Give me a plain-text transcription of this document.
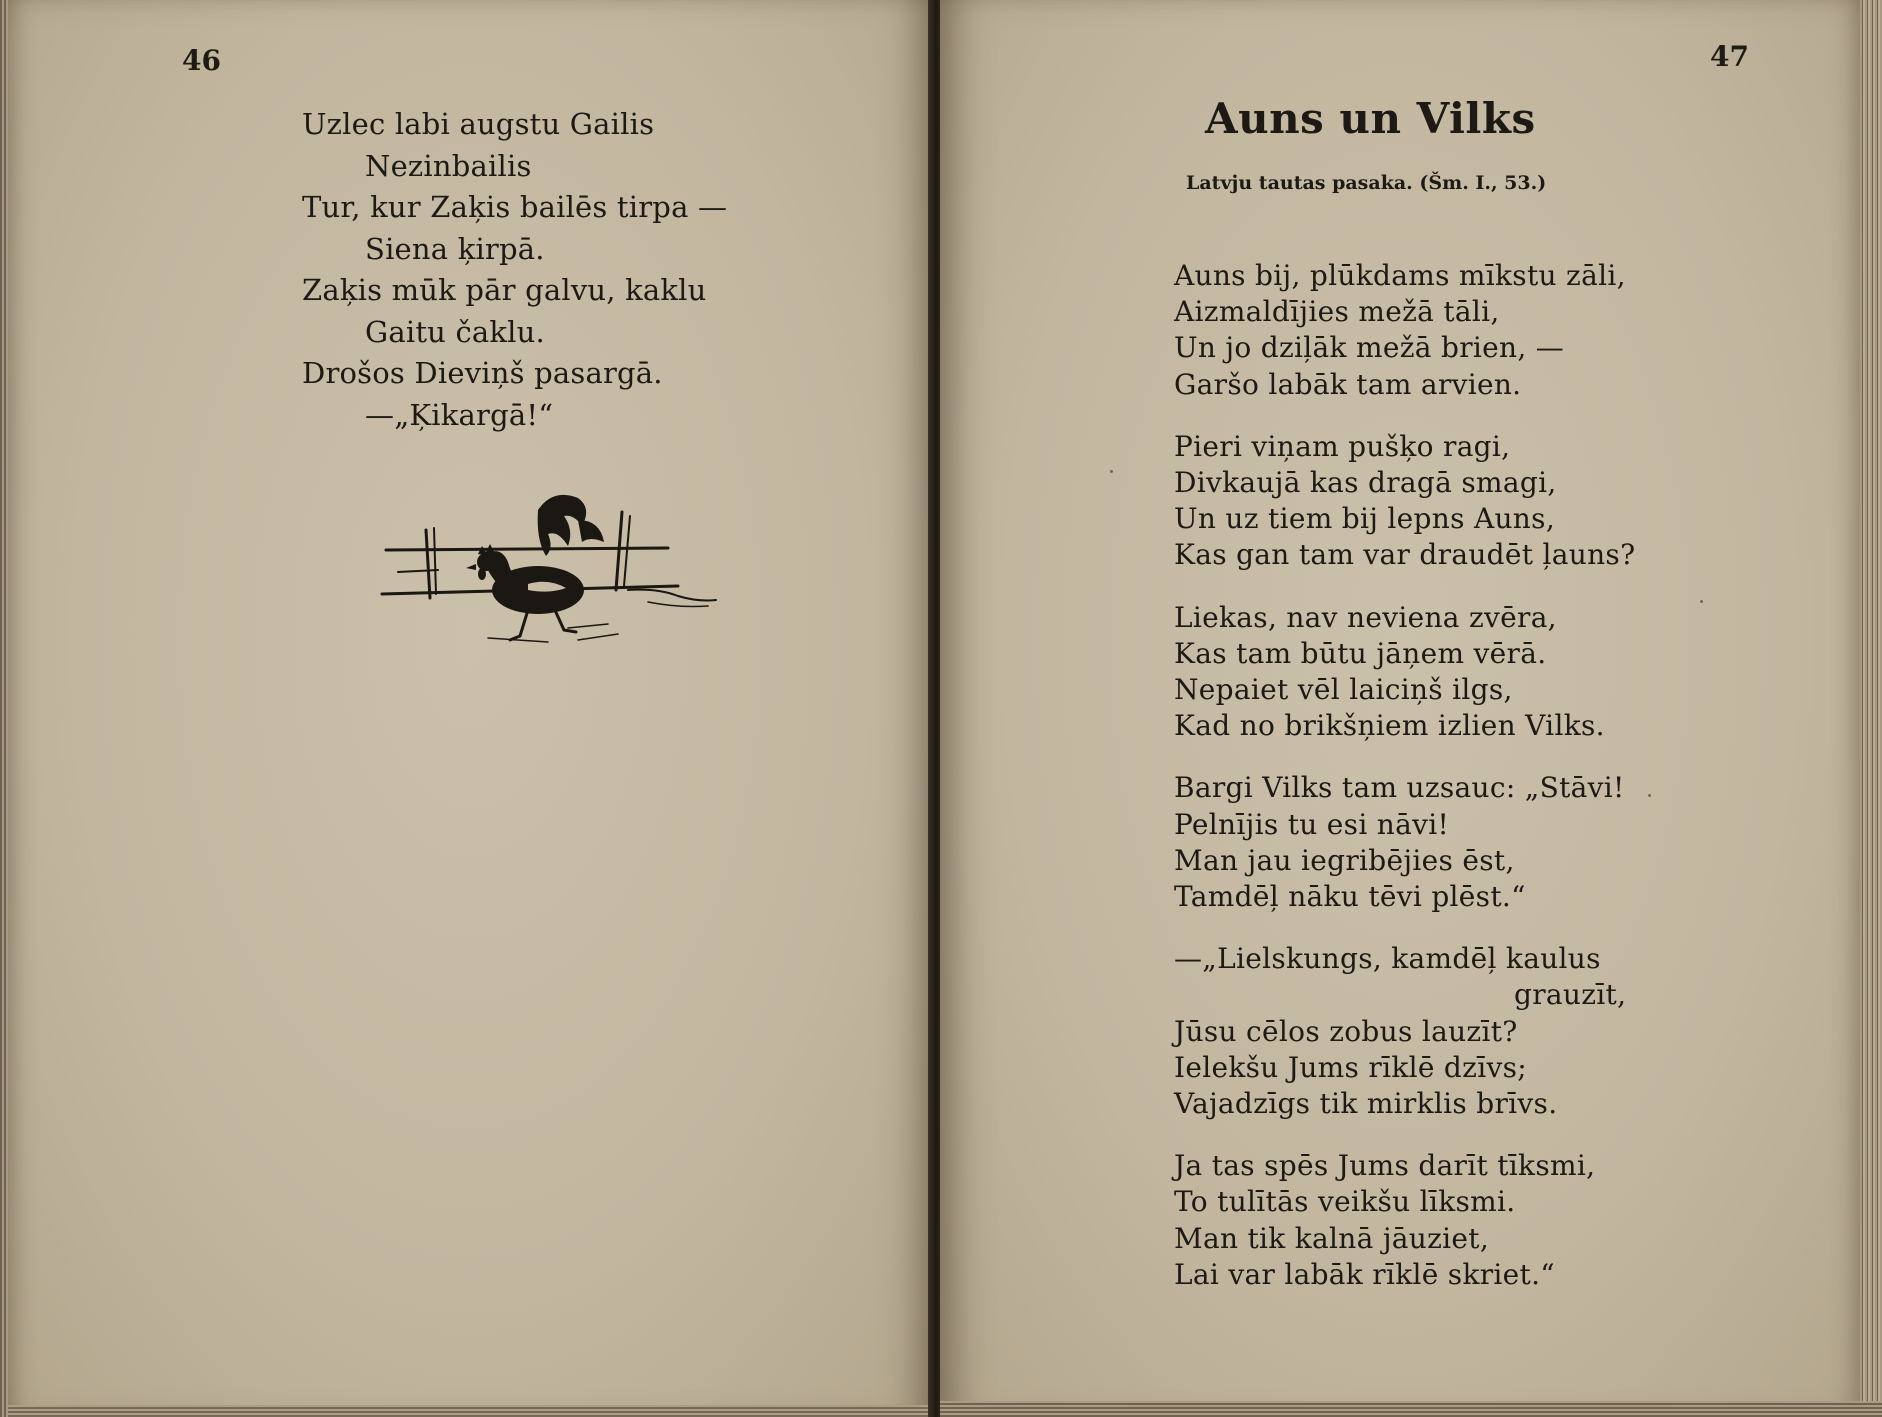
46
Uzlec labi augstu Gailis
Nezinbailis
Tur, kur Zaķis bailēs tirpa —
Siena ķirpā.
Zaķis mūk pār galvu, kaklu
Gaitu čaklu.
Drošos Dieviņš pasargā.
—„Ķikargā!“
47
Auns un Vilks
Latvju tautas pasaka. (Šm. I., 53.)
Auns bij, plūkdams mīkstu zāli,
Aizmaldījies mežā tāli,
Un jo dziļāk mežā brien, —
Garšo labāk tam arvien.
Pieri viņam pušķo ragi,
Divkaujā kas dragā smagi,
Un uz tiem bij lepns Auns,
Kas gan tam var draudēt ļauns?
Liekas, nav neviena zvēra,
Kas tam būtu jāņem vērā.
Nepaiet vēl laiciņš ilgs,
Kad no brikšņiem izlien Vilks.
Bargi Vilks tam uzsauc: „Stāvi!
Pelnījis tu esi nāvi!
Man jau iegribējies ēst,
Tamdēļ nāku tēvi plēst.“
—„Lielskungs, kamdēļ kaulus
grauzīt,
Jūsu cēlos zobus lauzīt?
Ielekšu Jums rīklē dzīvs;
Vajadzīgs tik mirklis brīvs.
Ja tas spēs Jums darīt tīksmi,
To tulītās veikšu līksmi.
Man tik kalnā jāuziet,
Lai var labāk rīklē skriet.“
